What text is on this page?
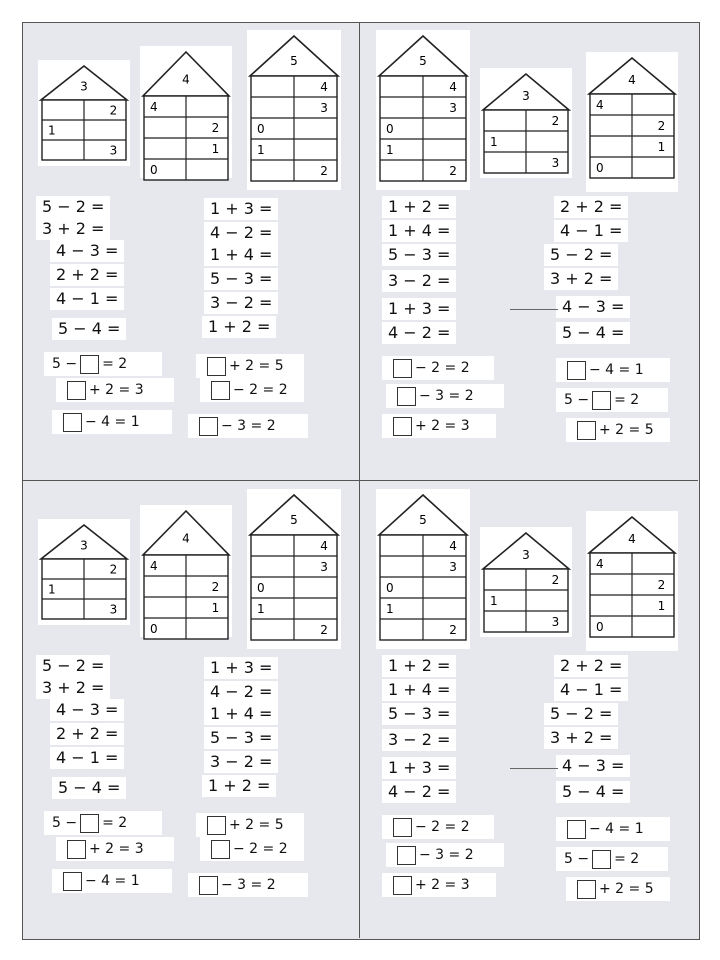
3
2
1
3
4
4
2
1
0
5
4
3
0
1
2
5 − 2 =
3 + 2 =
4 − 3 =
2 + 2 =
4 − 1 =
5 − 4 =
1 + 3 =
4 − 2 =
1 + 4 =
5 − 3 =
3 − 2 =
1 + 2 =
5 − = 2
+ 2 = 3
− 4 = 1
+ 2 = 5
− 2 = 2
− 3 = 2
5
4
3
0
1
2
3
2
1
3
4
4
2
1
0
1 + 2 =
1 + 4 =
5 − 3 =
3 − 2 =
1 + 3 =
4 − 2 =
2 + 2 =
4 − 1 =
5 − 2 =
3 + 2 =
4 − 3 =
5 − 4 =
− 2 = 2
− 3 = 2
+ 2 = 3
− 4 = 1
5 − = 2
+ 2 = 5
3
2
1
3
4
4
2
1
0
5
4
3
0
1
2
5 − 2 =
3 + 2 =
4 − 3 =
2 + 2 =
4 − 1 =
5 − 4 =
1 + 3 =
4 − 2 =
1 + 4 =
5 − 3 =
3 − 2 =
1 + 2 =
5 − = 2
+ 2 = 3
− 4 = 1
+ 2 = 5
− 2 = 2
− 3 = 2
5
4
3
0
1
2
3
2
1
3
4
4
2
1
0
1 + 2 =
1 + 4 =
5 − 3 =
3 − 2 =
1 + 3 =
4 − 2 =
2 + 2 =
4 − 1 =
5 − 2 =
3 + 2 =
4 − 3 =
5 − 4 =
− 2 = 2
− 3 = 2
+ 2 = 3
− 4 = 1
5 − = 2
+ 2 = 5
